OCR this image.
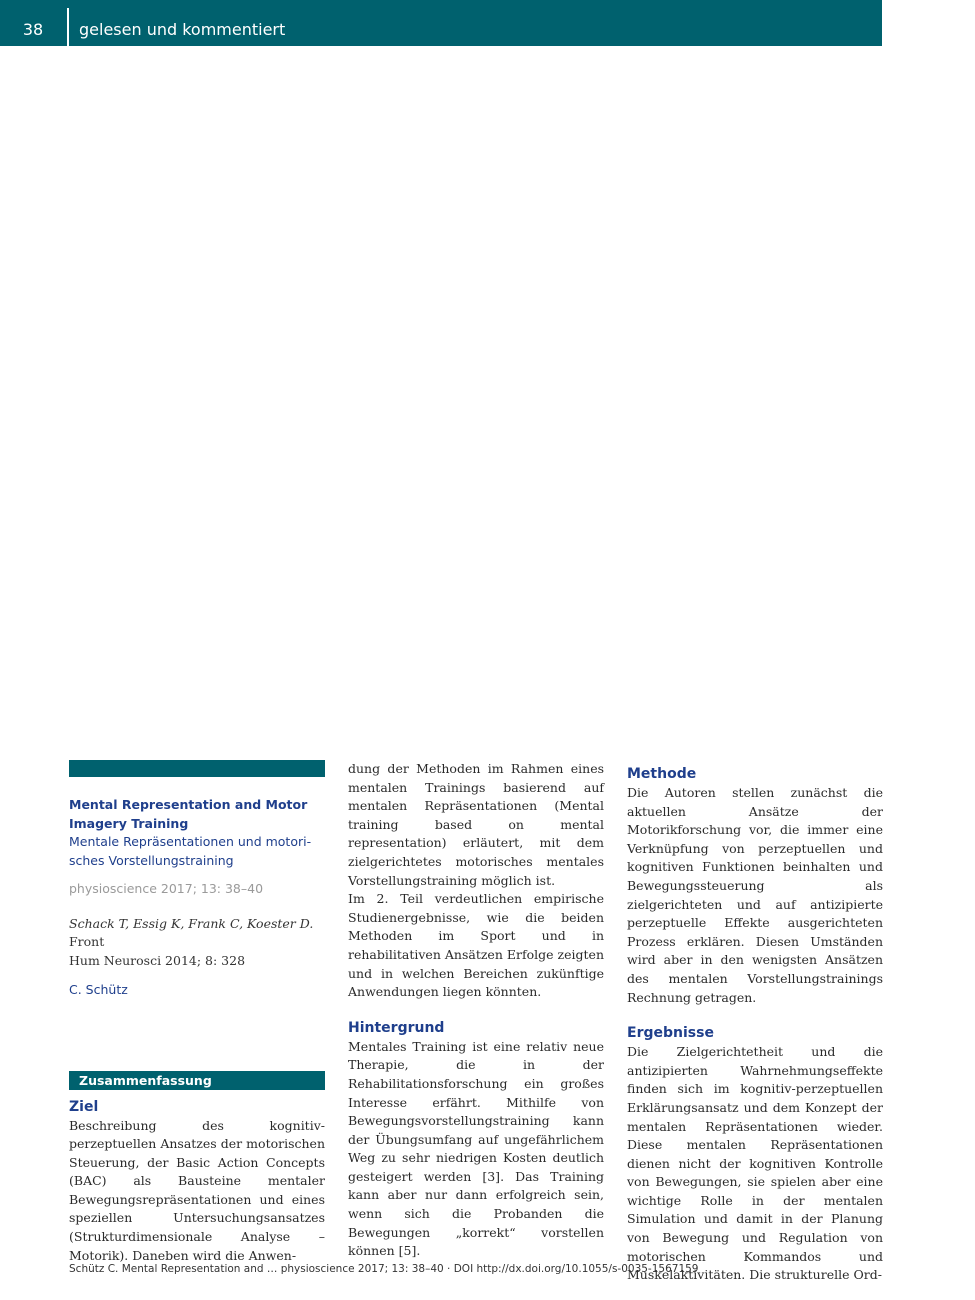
38	gelesen und kommentiert
Mental Representation and Motor
Imagery Training
Mentale Repräsentationen und motori-
sches Vorstellungstraining
physioscience 2017; 13: 38–40
Schack T, Essig K, Frank C, Koester D. Front
Hum Neurosci 2014; 8: 328
C. Schütz
Zusammenfassung
Ziel

Beschreibung des kognitiv-perzeptuellen Ansatzes der motorischen Steuerung, der Basic Action Concepts (BAC) als Bausteine mentaler Bewegungsrepräsentationen und eines speziellen Untersuchungsansatzes (Strukturdimensionale Analyse – Motorik). Daneben wird die Anwen-

dung der Methoden im Rahmen eines mentalen Trainings basierend auf mentalen Repräsentationen (Mental training based on mental representation) erläutert, mit dem zielgerichtetes motorisches mentales Vorstellungstraining möglich ist.

Im 2. Teil verdeutlichen empirische Studienergebnisse, wie die beiden Methoden im Sport und in rehabilitativen Ansätzen Erfolge zeigten und in welchen Bereichen zukünftige Anwendungen liegen könnten.

Hintergrund

Mentales Training ist eine relativ neue Therapie, die in der Rehabilitationsforschung ein großes Interesse erfährt. Mithilfe von Bewegungsvorstellungstraining kann der Übungsumfang auf ungefährlichem Weg zu sehr niedrigen Kosten deutlich gesteigert werden [3]. Das Training kann aber nur dann erfolgreich sein, wenn sich die Probanden die Bewegungen „korrekt“ vorstellen können [5].

Methode

Die Autoren stellen zunächst die aktuellen Ansätze der Motorikforschung vor, die immer eine Verknüpfung von perzeptuellen und kognitiven Funktionen beinhalten und Bewegungssteuerung als zielgerichteten und auf antizipierte perzeptuelle Effekte ausgerichteten Prozess erklären. Diesen Umständen wird aber in den wenigsten Ansätzen des mentalen Vorstellungstrainings Rechnung getragen.

Ergebnisse

Die Zielgerichtetheit und die antizipierten Wahrnehmungseffekte finden sich im kognitiv-perzeptuellen Erklärungsansatz und dem Konzept der mentalen Repräsentationen wieder. Diese mentalen Repräsentationen dienen nicht der kognitiven Kontrolle von Bewegungen, sie spielen aber eine wichtige Rolle in der mentalen Simulation und damit in der Planung von Bewegung und Regulation von motorischen Kommandos und Muskelaktivitäten. Die strukturelle Ord-

Schütz C. Mental Representation and … physioscience 2017; 13: 38–40 · DOI http://dx.doi.org/10.1055/s-0035-1567159
